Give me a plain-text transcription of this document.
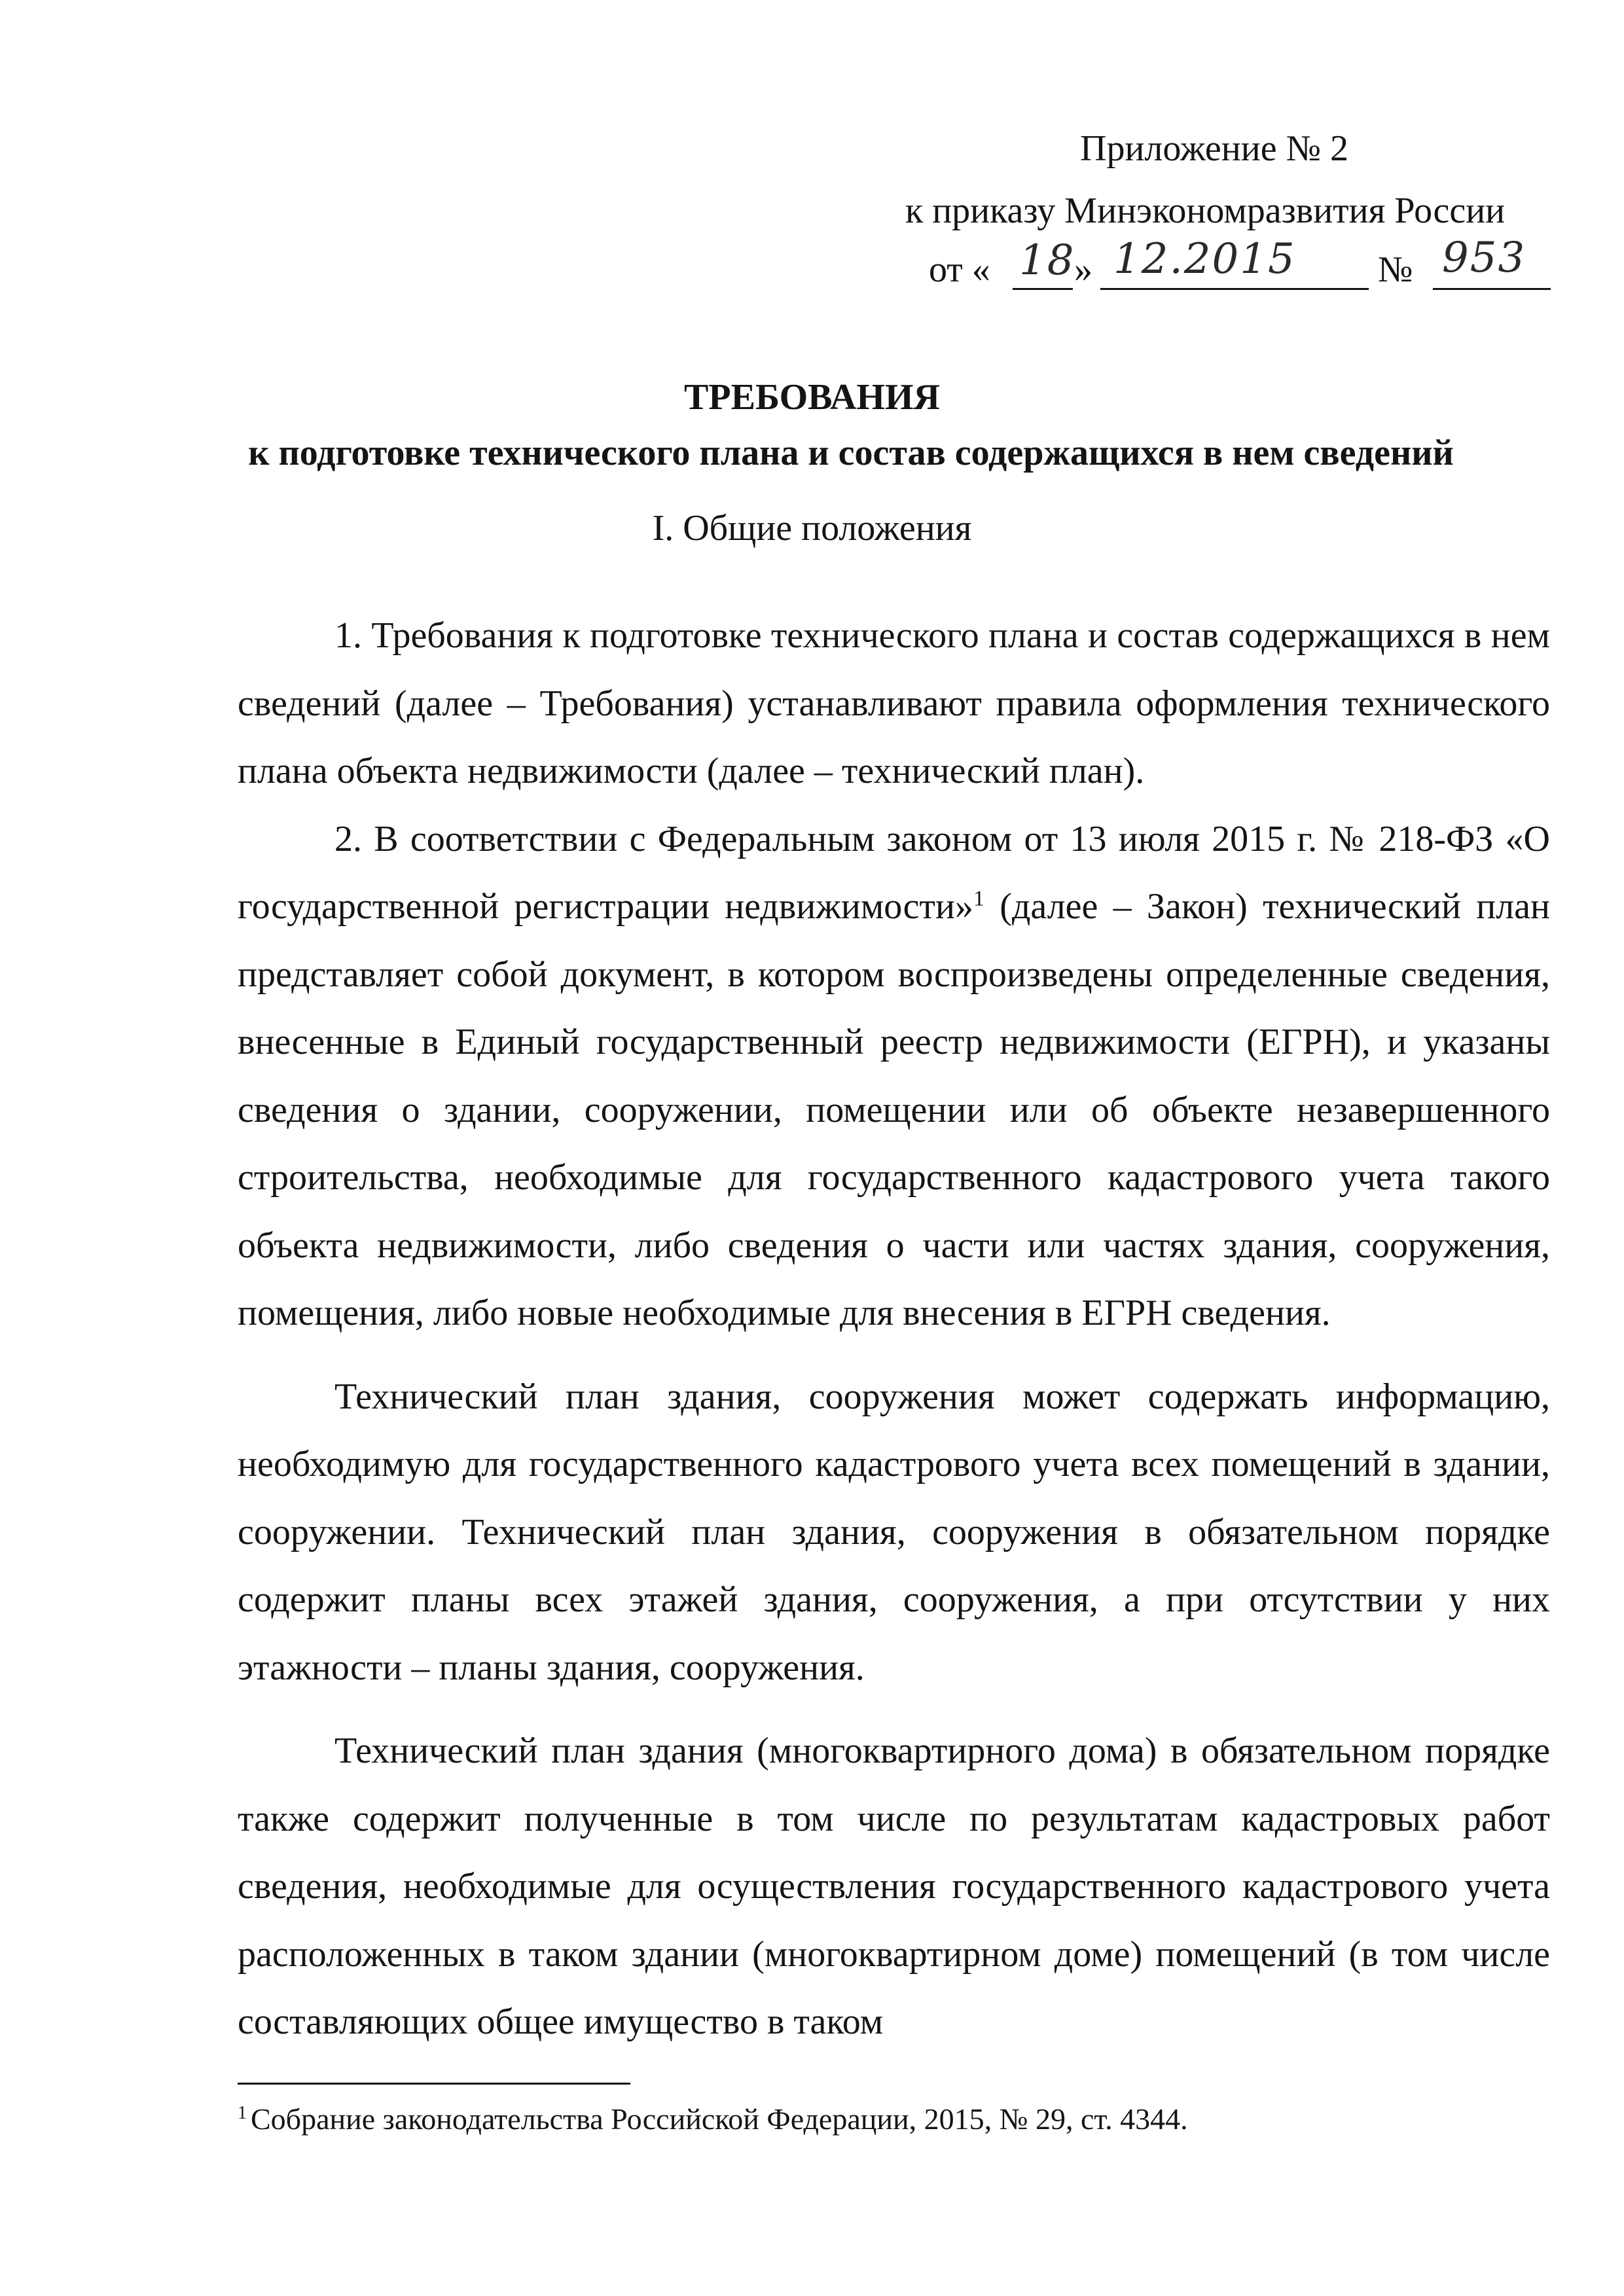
Приложение № 2
к приказу Минэкономразвития России
от « 18
» 12.2015 № 953
ТРЕБОВАНИЯ
к подготовке технического плана и состав содержащихся в нем сведений
I. Общие положения

1. Требования к подготовке технического плана и состав содержащихся в нем сведений (далее – Требования) устанавливают правила оформления технического плана объекта недвижимости (далее – технический план).

2. В соответствии с Федеральным законом от 13 июля 2015 г. № 218-ФЗ «О государственной регистрации недвижимости»$^1$ (далее – Закон) технический план представляет собой документ, в котором воспроизведены определенные сведения, внесенные в Единый государственный реестр недвижимости (ЕГРН), и указаны сведения о здании, сооружении, помещении или об объекте незавершенного строительства, необходимые для государственного кадастрового учета такого объекта недвижимости, либо сведения о части или частях здания, сооружения, помещения, либо новые необходимые для внесения в ЕГРН сведения.

Технический план здания, сооружения может содержать информацию, необходимую для государственного кадастрового учета всех помещений в здании, сооружении. Технический план здания, сооружения в обязательном порядке содержит планы всех этажей здания, сооружения, а при отсутствии у них этажности – планы здания, сооружения.

Технический план здания (многоквартирного дома) в обязательном порядке также содержит полученные в том числе по результатам кадастровых работ сведения, необходимые для осуществления государственного кадастрового учета расположенных в таком здании (многоквартирном доме) помещений (в том числе составляющих общее имущество в таком

$^1$ Собрание законодательства Российской Федерации, 2015, № 29, ст. 4344.
